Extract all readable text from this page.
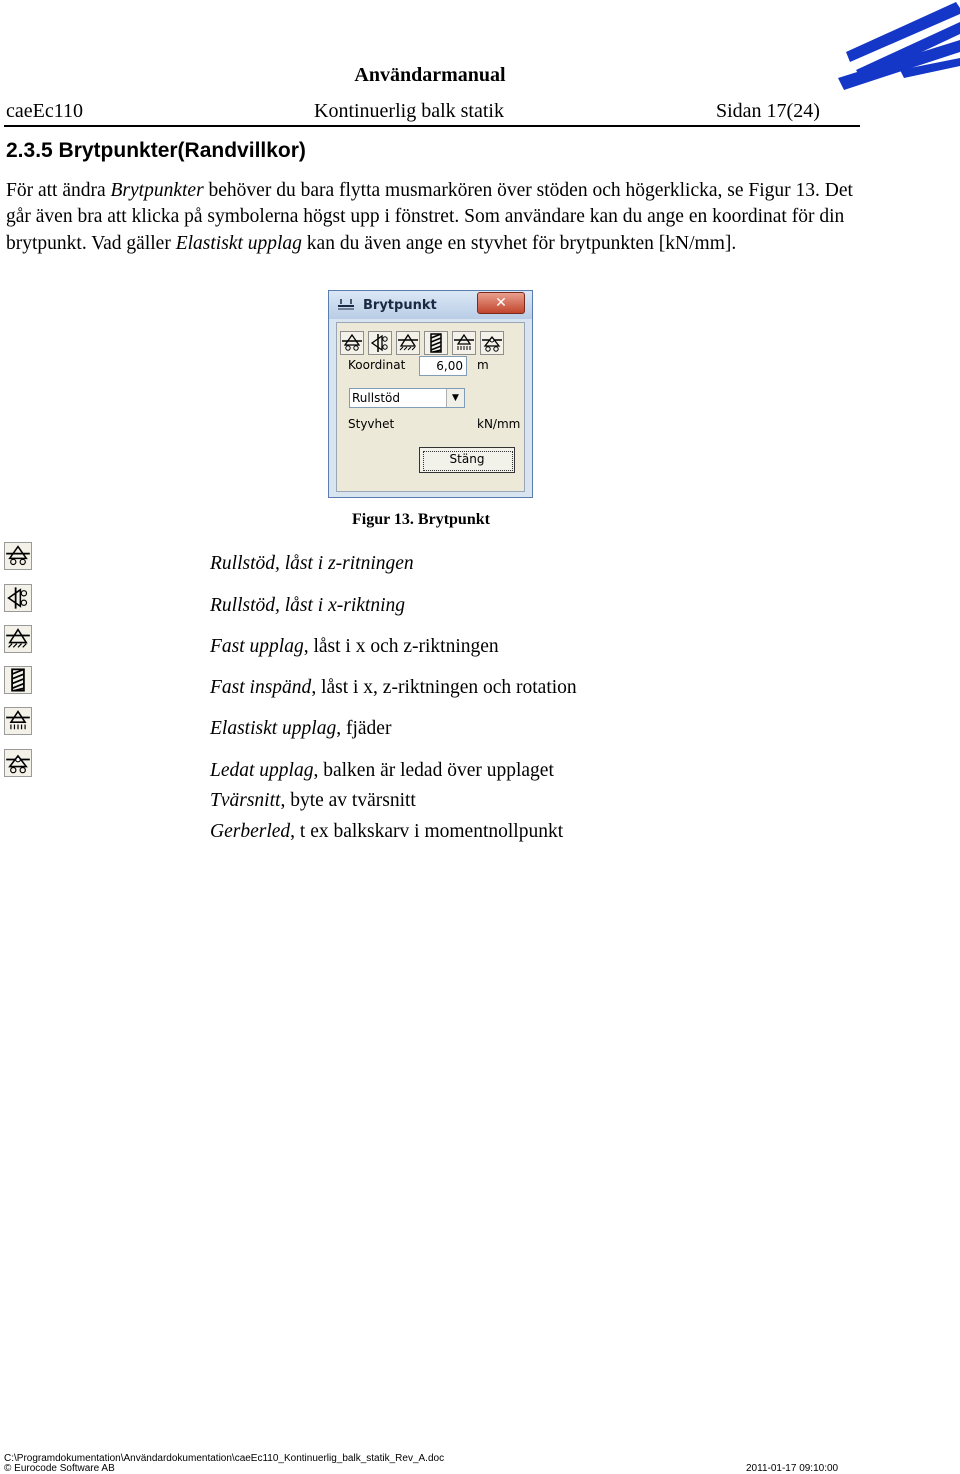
Användarmanual
caeEc110	Kontinuerlig balk statik	Sidan 17(24)
2.3.5 Brytpunkter(Randvillkor)

För att ändra Brytpunkter behöver du bara flytta musmarkören över stöden och högerklicka, se Figur 13. Det går även bra att klicka på symbolerna högst upp i fönstret. Som användare kan du ange en koordinat för din brytpunkt. Vad gäller Elastiskt upplag kan du även ange en styvhet för brytpunkten [kN/mm].

Brytpunkt	✕
Koordinat	6,00	m
Rullstöd	▼
Styvhet	kN/mm
Stäng
Figur 13. Brytpunkt
Rullstöd, låst i z-ritningen
Rullstöd, låst i x-riktning
Fast upplag, låst i x och z-riktningen
Fast inspänd, låst i x, z-riktningen och rotation
Elastiskt upplag, fjäder
Ledat upplag, balken är ledad över upplaget
Tvärsnitt, byte av tvärsnitt
Gerberled, t ex balkskarv i momentnollpunkt
C:\Programdokumentation\Användardokumentation\caeEc110_Kontinuerlig_balk_statik_Rev_A.doc
© Eurocode Software AB	2011-01-17 09:10:00
